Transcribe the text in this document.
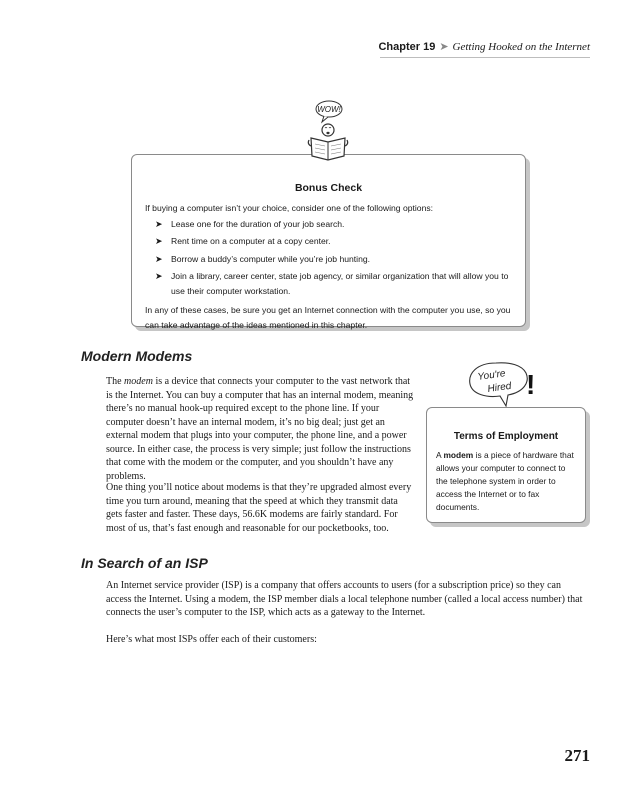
Chapter 19 ➤ Getting Hooked on the Internet
Bonus Check

If buying a computer isn’t your choice, consider one of the following options:

➤ Lease one for the duration of your job search.
➤ Rent time on a computer at a copy center.
➤ Borrow a buddy’s computer while you’re job hunting.
➤ Join a library, career center, state job agency, or similar organization that will allow you to use their computer workstation.

In any of these cases, be sure you get an Internet connection with the computer you use, so you can take advantage of the ideas mentioned in this chapter.

WOW!
Modern Modems

The modem is a device that connects your computer to the vast network that is the Internet. You can buy a computer that has an internal modem, meaning there’s no manual hook-up required except to the phone line. If your computer doesn’t have an internal modem, it’s no big deal; just get an external modem that plugs into your computer, the phone line, and a power source. In either case, the process is very simple; just follow the instructions that come with the modem or the computer, and you shouldn’t have any problems.

One thing you’ll notice about modems is that they’re upgraded almost every time you turn around, meaning that the speed at which they transmit data gets faster and faster. These days, 56.6K modems are fairly standard. For most of us, that’s fast enough and reasonable for our pocketbooks, too.

You're
Hired !
Terms of Employment

A modem is a piece of hardware that allows your computer to connect to the telephone system in order to access the Internet or to fax documents.

In Search of an ISP

An Internet service provider (ISP) is a company that offers accounts to users (for a subscription price) so they can access the Internet. Using a modem, the ISP member dials a local telephone number (called a local access number) that connects the user’s computer to the ISP, which acts as a gateway to the Internet.

Here’s what most ISPs offer each of their customers:

271
